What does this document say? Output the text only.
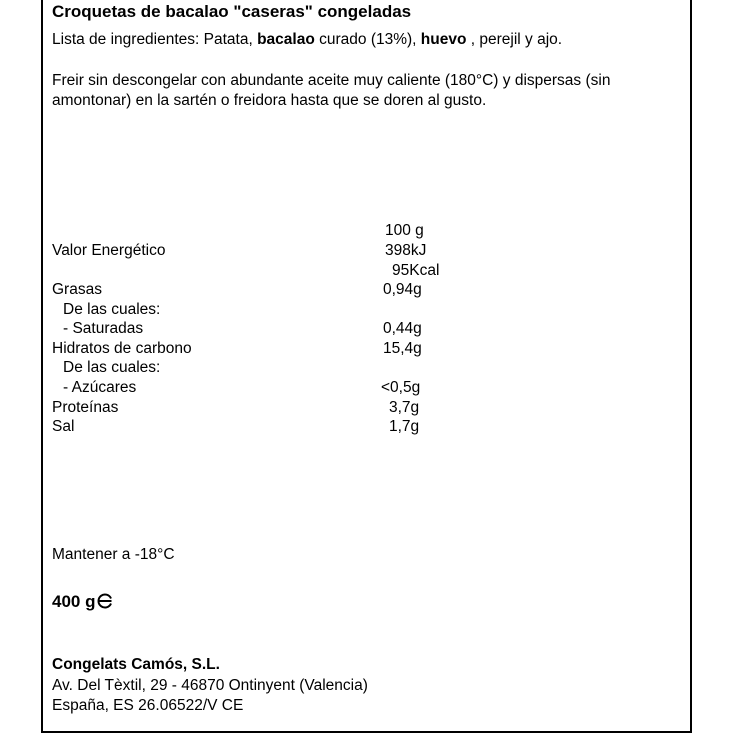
Croquetas de bacalao "caseras" congeladas
Lista de ingredientes: Patata, bacalao curado (13%), huevo , perejil y ajo.
Freir sin descongelar con abundante aceite muy caliente (180°C) y dispersas (sin
amontonar) en la sartén o freidora hasta que se doren al gusto.
100 g
Valor Energético	398kJ
95Kcal
Grasas	0,94g
De las cuales:
- Saturadas	0,44g
Hidratos de carbono	15,4g
De las cuales:
- Azúcares	<0,5g
Proteínas	3,7g
Sal	1,7g
Mantener a -18°C
400 g
Congelats Camós, S.L.
Av. Del Tèxtil, 29 - 46870 Ontinyent (Valencia)
España, ES 26.06522/V CE
